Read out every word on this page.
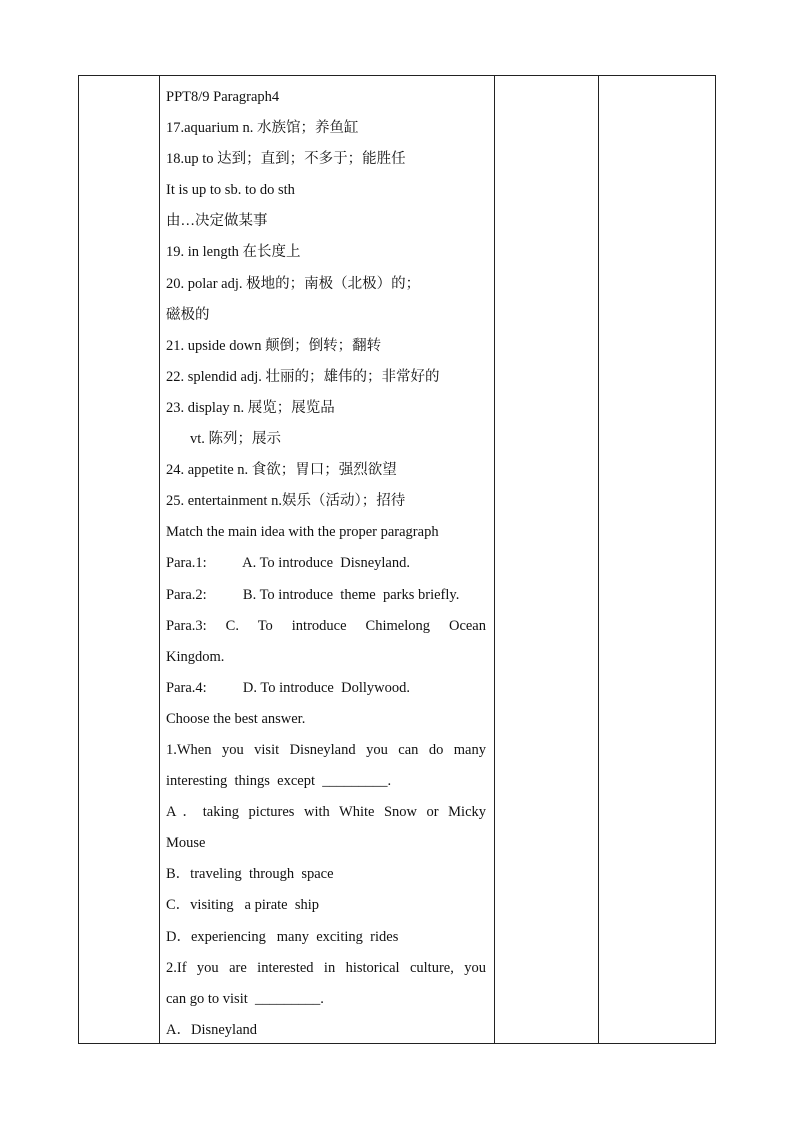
PPT8/9 Paragraph4
17.aquarium n. 水族馆；养鱼缸
18.up to 达到；直到；不多于；能胜任
It is up to sb. to do sth
由…决定做某事
19. in length 在长度上
20. polar adj. 极地的；南极（北极）的；
磁极的
21. upside down 颠倒；倒转；翻转
22. splendid adj. 壮丽的；雄伟的；非常好的
23. display n. 展览；展览品
vt. 陈列；展示
24. appetite n. 食欲；胃口；强烈欲望
25. entertainment n.娱乐（活动）；招待
Match the main idea with the proper paragraph
Para.1:          A. To introduce  Disneyland.
Para.2:          B. To introduce  theme  parks briefly.
Para.3: C. To introduce Chimelong Ocean
Kingdom.
Para.4:          D. To introduce  Dollywood.
Choose the best answer.
1.When you visit Disneyland you can do many
interesting  things  except  _________.
A．taking pictures with White Snow or Micky
Mouse
B．traveling  through  space
C．visiting   a pirate  ship
D．experiencing   many  exciting  rides
2.If you are interested in historical culture, you
can go to visit  _________.
A．Disneyland
